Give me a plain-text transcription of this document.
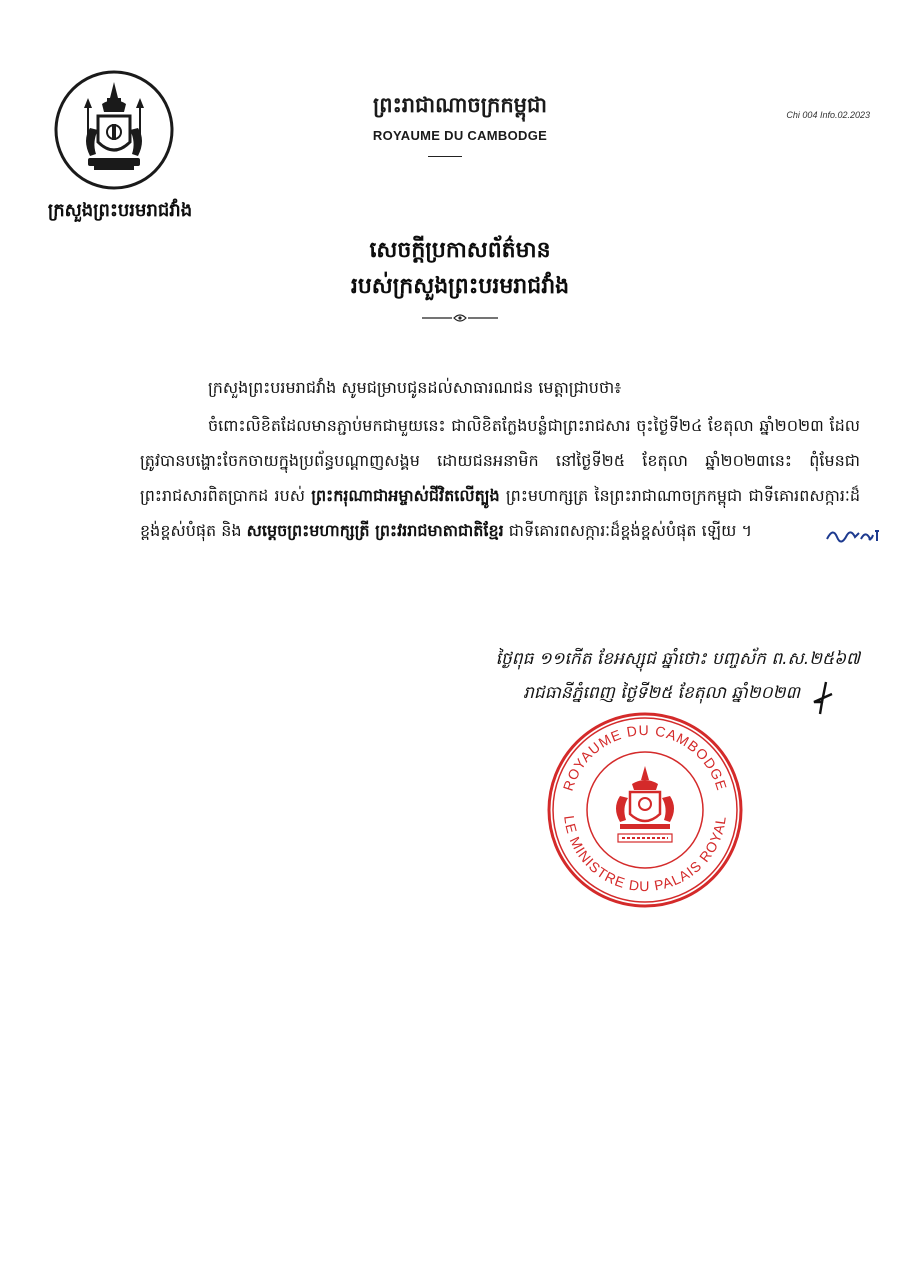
ក្រសួងព្រះបរមរាជវាំង
ព្រះរាជាណាចក្រកម្ពុជា
ROYAUME DU CAMBODGE
Chi 004 Info.02.2023
សេចក្តីប្រកាសព័ត៌មាន
របស់ក្រសួងព្រះបរមរាជវាំង
ក្រសួងព្រះបរមរាជវាំង សូមជម្រាបជូនដល់សាធារណជន មេត្តាជ្រាបថា៖
ចំពោះលិខិតដែលមានភ្ជាប់មកជាមួយនេះ ជាលិខិតក្លែងបន្លំជាព្រះរាជសារ ចុះថ្ងៃទី២៤ ខែតុលា ឆ្នាំ២០២៣ ដែលត្រូវបានបង្ហោះចែកចាយក្នុងប្រព័ន្ធបណ្តាញសង្គម ដោយជនអនាមិក នៅថ្ងៃទី២៥ ខែតុលា ឆ្នាំ២០២៣នេះ ពុំមែនជា ព្រះរាជសារពិតប្រាកដ របស់ ព្រះករុណាជាអម្ចាស់ជីវិតលើត្បូង ព្រះមហាក្សត្រ នៃព្រះរាជាណាចក្រកម្ពុជា ជាទីគោរពសក្ការៈដ៏ខ្ពង់ខ្ពស់បំផុត និង សម្តេចព្រះមហាក្សត្រី ព្រះវររាជមាតាជាតិខ្មែរ ជាទីគោរពសក្ការៈដ៏ខ្ពង់ខ្ពស់បំផុត ឡើយ ។
ថ្ងៃពុធ ១១កើត ខែអស្សុជ ឆ្នាំថោះ បញ្ចស័ក ព.ស.២៥៦៧
រាជធានីភ្នំពេញ ថ្ងៃទី២៥ ខែតុលា ឆ្នាំ២០២៣
ROYAUME DU CAMBODGE
LE MINISTRE DU PALAIS ROYAL
